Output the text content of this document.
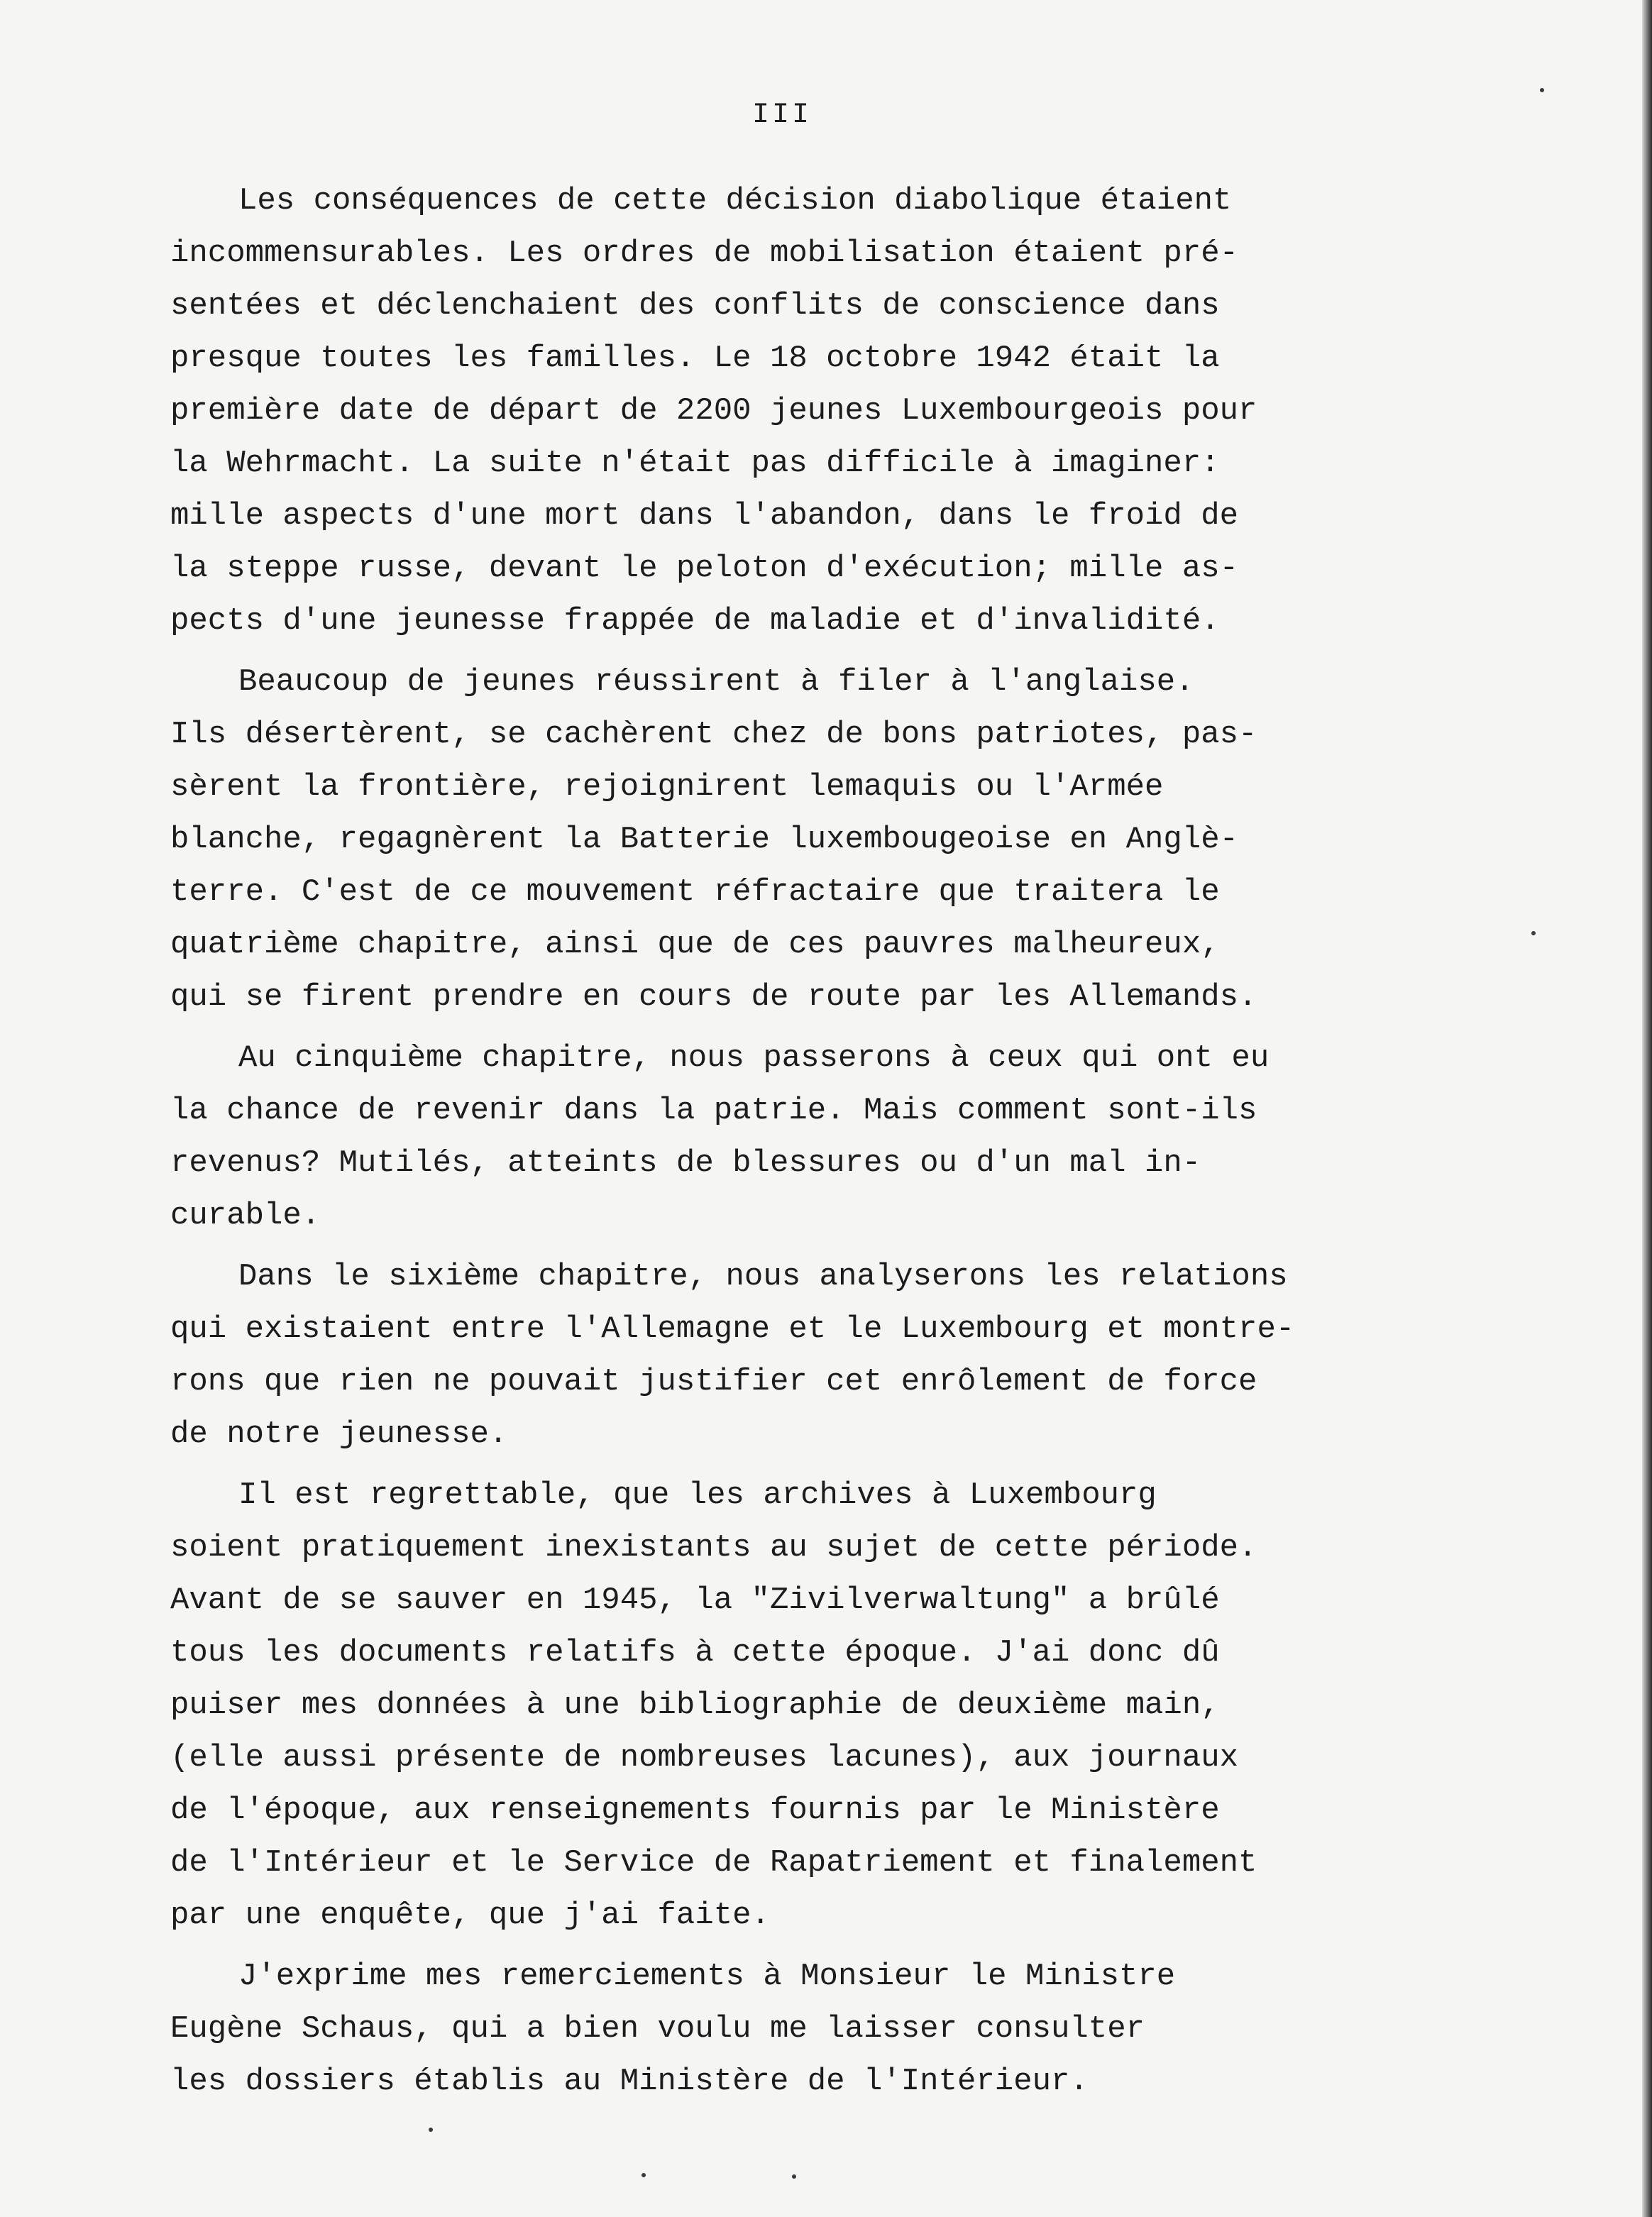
III
Les conséquences de cette décision diabolique étaient
incommensurables. Les ordres de mobilisation étaient pré-
sentées et déclenchaient des conflits de conscience dans
presque toutes les familles. Le 18 octobre 1942 était la
première date de départ de 2200 jeunes Luxembourgeois pour
la Wehrmacht. La suite n'était pas difficile à imaginer:
mille aspects d'une mort dans l'abandon, dans le froid de
la steppe russe, devant le peloton d'exécution; mille as-
pects d'une jeunesse frappée de maladie et d'invalidité.
Beaucoup de jeunes réussirent à filer à l'anglaise.
Ils désertèrent, se cachèrent chez de bons patriotes, pas-
sèrent la frontière, rejoignirent lemaquis ou l'Armée
blanche, regagnèrent la Batterie luxembougeoise en Anglè-
terre. C'est de ce mouvement réfractaire que traitera le
quatrième chapitre, ainsi que de ces pauvres malheureux,
qui se firent prendre en cours de route par les Allemands.
Au cinquième chapitre, nous passerons à ceux qui ont eu
la chance de revenir dans la patrie. Mais comment sont-ils
revenus? Mutilés, atteints de blessures ou d'un mal in-
curable.
Dans le sixième chapitre, nous analyserons les relations
qui existaient entre l'Allemagne et le Luxembourg et montre-
rons que rien ne pouvait justifier cet enrôlement de force
de notre jeunesse.
Il est regrettable, que les archives à Luxembourg
soient pratiquement inexistants au sujet de cette période.
Avant de se sauver en 1945, la "Zivilverwaltung" a brûlé
tous les documents relatifs à cette époque. J'ai donc dû
puiser mes données à une bibliographie de deuxième main,
(elle aussi présente de nombreuses lacunes), aux journaux
de l'époque, aux renseignements fournis par le Ministère
de l'Intérieur et le Service de Rapatriement et finalement
par une enquête, que j'ai faite.
J'exprime mes remerciements à Monsieur le Ministre
Eugène Schaus, qui a bien voulu me laisser consulter
les dossiers établis au Ministère de l'Intérieur.
